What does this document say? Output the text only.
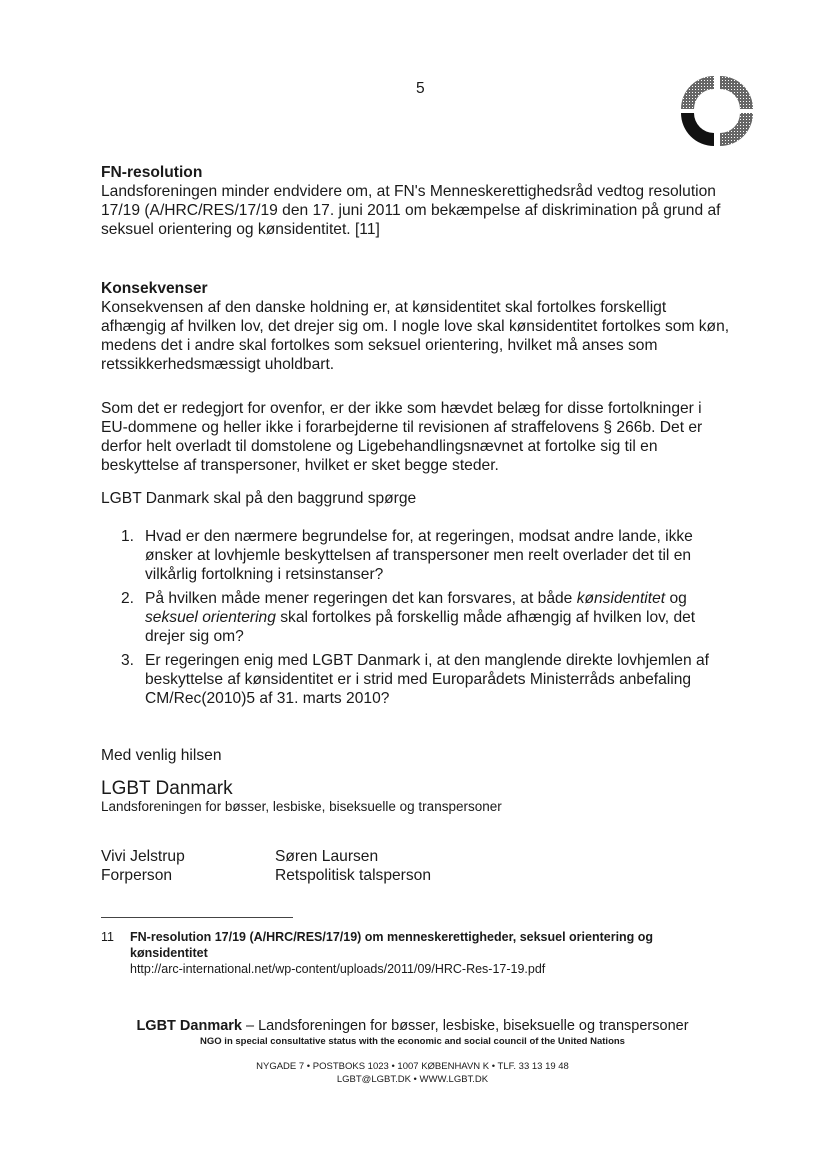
5
FN-resolution
Landsforeningen minder endvidere om, at FN's Menneskerettighedsråd vedtog resolution 17/19 (A/HRC/RES/17/19 den 17. juni 2011 om bekæmpelse af diskrimination på grund af seksuel orientering og kønsidentitet. [11]
Konsekvenser
Konsekvensen af den danske holdning er, at kønsidentitet skal fortolkes forskelligt afhængig af hvilken lov, det drejer sig om. I nogle love skal kønsidentitet fortolkes som køn, medens det i andre skal fortolkes som seksuel orientering, hvilket må anses som retssikkerhedsmæssigt uholdbart.
Som det er redegjort for ovenfor, er der ikke som hævdet belæg for disse fortolkninger i EU-dommene og heller ikke i forarbejderne til revisionen af straffelovens § 266b. Det er derfor helt overladt til domstolene og Ligebehandlingsnævnet at fortolke sig til en beskyttelse af transpersoner, hvilket er sket begge steder.
LGBT Danmark skal på den baggrund spørge
1. Hvad er den nærmere begrundelse for, at regeringen, modsat andre lande, ikke ønsker at lovhjemle beskyttelsen af transpersoner men reelt overlader det til en vilkårlig fortolkning i retsinstanser?
2. På hvilken måde mener regeringen det kan forsvares, at både kønsidentitet og seksuel orientering skal fortolkes på forskellig måde afhængig af hvilken lov, det drejer sig om?
3. Er regeringen enig med LGBT Danmark i, at den manglende direkte lovhjemlen af beskyttelse af kønsidentitet er i strid med Europarådets Ministerråds anbefaling CM/Rec(2010)5 af 31. marts 2010?
Med venlig hilsen
LGBT Danmark
Landsforeningen for bøsser, lesbiske, biseksuelle og transpersoner
Vivi Jelstrup
Forperson
Søren Laursen
Retspolitisk talsperson
11 FN-resolution 17/19 (A/HRC/RES/17/19) om menneskerettigheder, seksuel orientering og kønsidentitet
http://arc-international.net/wp-content/uploads/2011/09/HRC-Res-17-19.pdf
LGBT Danmark – Landsforeningen for bøsser, lesbiske, biseksuelle og transpersoner
NGO in special consultative status with the economic and social council of the United Nations
NYGADE 7 • POSTBOKS 1023 • 1007 KØBENHAVN K • TLF. 33 13 19 48
LGBT@LGBT.DK • WWW.LGBT.DK
